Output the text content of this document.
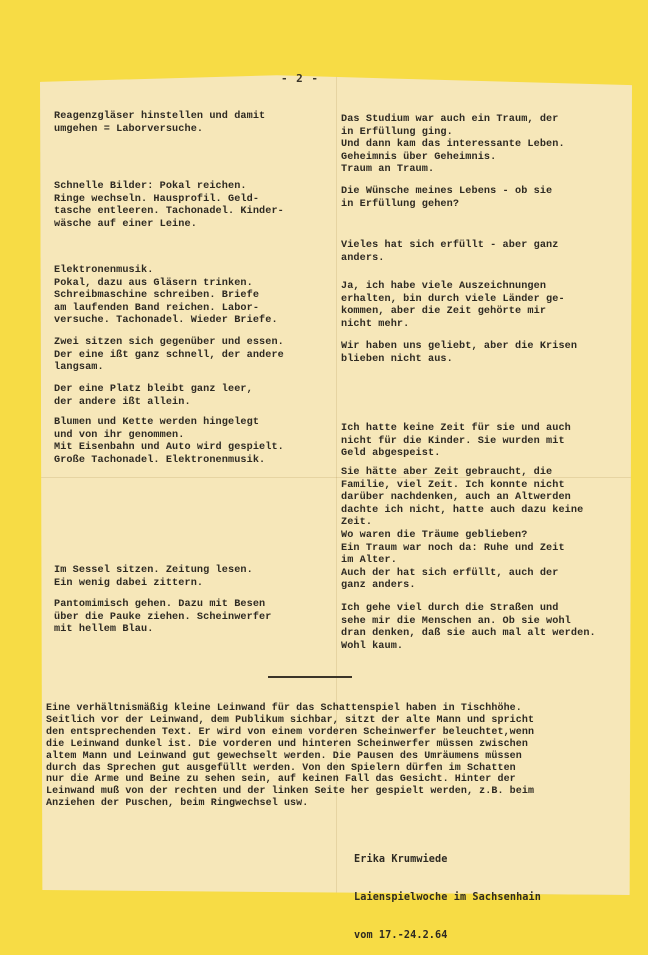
- 2 -
Reagenzgläser hinstellen und damit
umgehen = Laborversuche.
Schnelle Bilder: Pokal reichen.
Ringe wechseln. Hausprofil. Geld-
tasche entleeren. Tachonadel. Kinder-
wäsche auf einer Leine.
Elektronenmusik.
Pokal, dazu aus Gläsern trinken.
Schreibmaschine schreiben. Briefe
am laufenden Band reichen. Labor-
versuche. Tachonadel. Wieder Briefe.
Zwei sitzen sich gegenüber und essen.
Der eine ißt ganz schnell, der andere
langsam.
Der eine Platz bleibt ganz leer,
der andere ißt allein.
Blumen und Kette werden hingelegt
und von ihr genommen.
Mit Eisenbahn und Auto wird gespielt.
Große Tachonadel. Elektronenmusik.
Im Sessel sitzen. Zeitung lesen.
Ein wenig dabei zittern.
Pantomimisch gehen. Dazu mit Besen
über die Pauke ziehen. Scheinwerfer
mit hellem Blau.
Das Studium war auch ein Traum, der
in Erfüllung ging.
Und dann kam das interessante Leben.
Geheimnis über Geheimnis.
Traum an Traum.
Die Wünsche meines Lebens - ob sie
in Erfüllung gehen?
Vieles hat sich erfüllt - aber ganz
anders.
Ja, ich habe viele Auszeichnungen
erhalten, bin durch viele Länder ge-
kommen, aber die Zeit gehörte mir
nicht mehr.
Wir haben uns geliebt, aber die Krisen
blieben nicht aus.
Ich hatte keine Zeit für sie und auch
nicht für die Kinder. Sie wurden mit
Geld abgespeist.
Sie hätte aber Zeit gebraucht, die
Familie, viel Zeit. Ich konnte nicht
darüber nachdenken, auch an Altwerden
dachte ich nicht, hatte auch dazu keine
Zeit.
Wo waren die Träume geblieben?
Ein Traum war noch da: Ruhe und Zeit
im Alter.
Auch der hat sich erfüllt, auch der
ganz anders.
Ich gehe viel durch die Straßen und
sehe mir die Menschen an. Ob sie wohl
dran denken, daß sie auch mal alt werden.
Wohl kaum.
Eine verhältnismäßig kleine Leinwand für das Schattenspiel haben in Tischhöhe.
Seitlich vor der Leinwand, dem Publikum sichbar, sitzt der alte Mann und spricht
den entsprechenden Text. Er wird von einem vorderen Scheinwerfer beleuchtet,wenn
die Leinwand dunkel ist. Die vorderen und hinteren Scheinwerfer müssen zwischen
altem Mann und Leinwand gut gewechselt werden. Die Pausen des Umräumens müssen
durch das Sprechen gut ausgefüllt werden. Von den Spielern dürfen im Schatten
nur die Arme und Beine zu sehen sein, auf keinen Fall das Gesicht. Hinter der
Leinwand muß von der rechten und der linken Seite her gespielt werden, z.B. beim
Anziehen der Puschen, beim Ringwechsel usw.

Erika Krumwiede

Laienspielwoche im Sachsenhain

vom 17.-24.2.64
